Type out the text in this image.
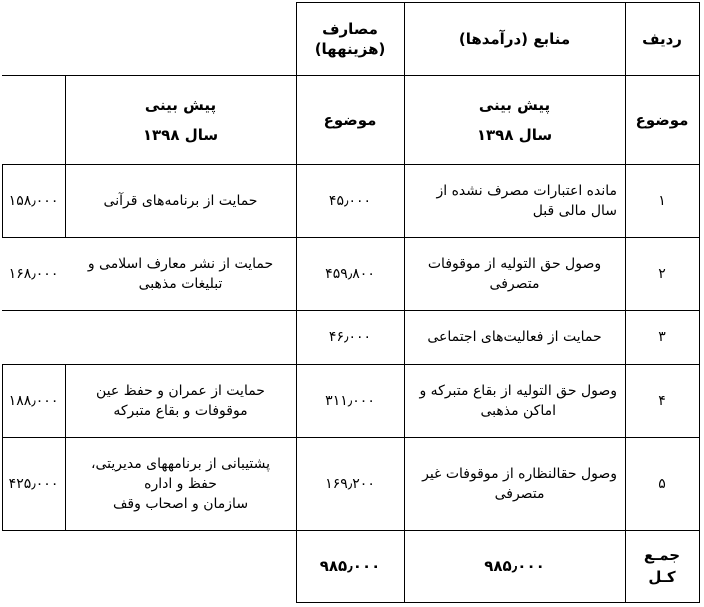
ردیف
منابع (درآمدها)
مصارف
(هزینهها)
موضوع
پیش بینی
سال ۱۳۹۸
موضوع
پیش بینی
سال ۱۳۹۸
۱
مانده اعتبارات مصرف نشده از
سال مالی قبل
۴۵٫۰۰۰
حمایت از برنامه‌های قرآنی
۱۵۸٫۰۰۰
۲
وصول حق التولیه از موقوفات
متصرفی
۴۵۹٫۸۰۰
حمایت از نشر معارف اسلامی و
تبلیغات مذهبی
۱۶۸٫۰۰۰
۳
حمایت از فعالیت‌های اجتماعی
۴۶٫۰۰۰
۴
وصول حق التولیه از بقاع متبرکه و
اماکن مذهبی
۳۱۱٫۰۰۰
حمایت از عمران و حفظ عین
موقوفات و بقاع متبرکه
۱۸۸٫۰۰۰
۵
وصول حقالنظاره از موقوفات غیر
متصرفی
۱۶۹٫۲۰۰
پشتیبانی از برنامههای مدیریتی،
حفظ و اداره
سازمان و اصحاب وقف
۴۲۵٫۰۰۰
جمـع
کـل
۹۸۵٫۰۰۰
۹۸۵٫۰۰۰
